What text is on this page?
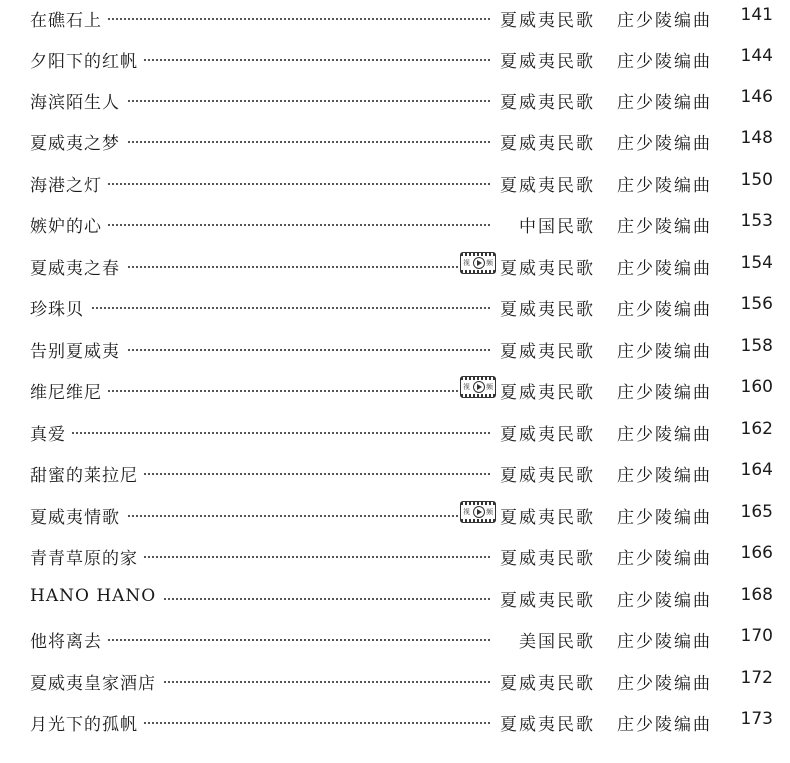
在礁石上	夏威夷民歌 庄少陵编曲	141
夕阳下的红帆	夏威夷民歌 庄少陵编曲	144
海滨陌生人	夏威夷民歌 庄少陵编曲	146
夏威夷之梦	夏威夷民歌 庄少陵编曲	148
海港之灯	夏威夷民歌 庄少陵编曲	150
嫉妒的心	中国民歌 庄少陵编曲	153
夏威夷之春	视 频 夏威夷民歌 庄少陵编曲	154
珍珠贝	夏威夷民歌 庄少陵编曲	156
告别夏威夷	夏威夷民歌 庄少陵编曲	158
维尼维尼	视 频 夏威夷民歌 庄少陵编曲	160
真爱	夏威夷民歌 庄少陵编曲	162
甜蜜的莱拉尼	夏威夷民歌 庄少陵编曲	164
夏威夷情歌	视 频 夏威夷民歌 庄少陵编曲	165
青青草原的家	夏威夷民歌 庄少陵编曲	166
HANO HANO	夏威夷民歌 庄少陵编曲	168
他将离去	美国民歌 庄少陵编曲	170
夏威夷皇家酒店	夏威夷民歌 庄少陵编曲	172
月光下的孤帆	夏威夷民歌 庄少陵编曲	173
